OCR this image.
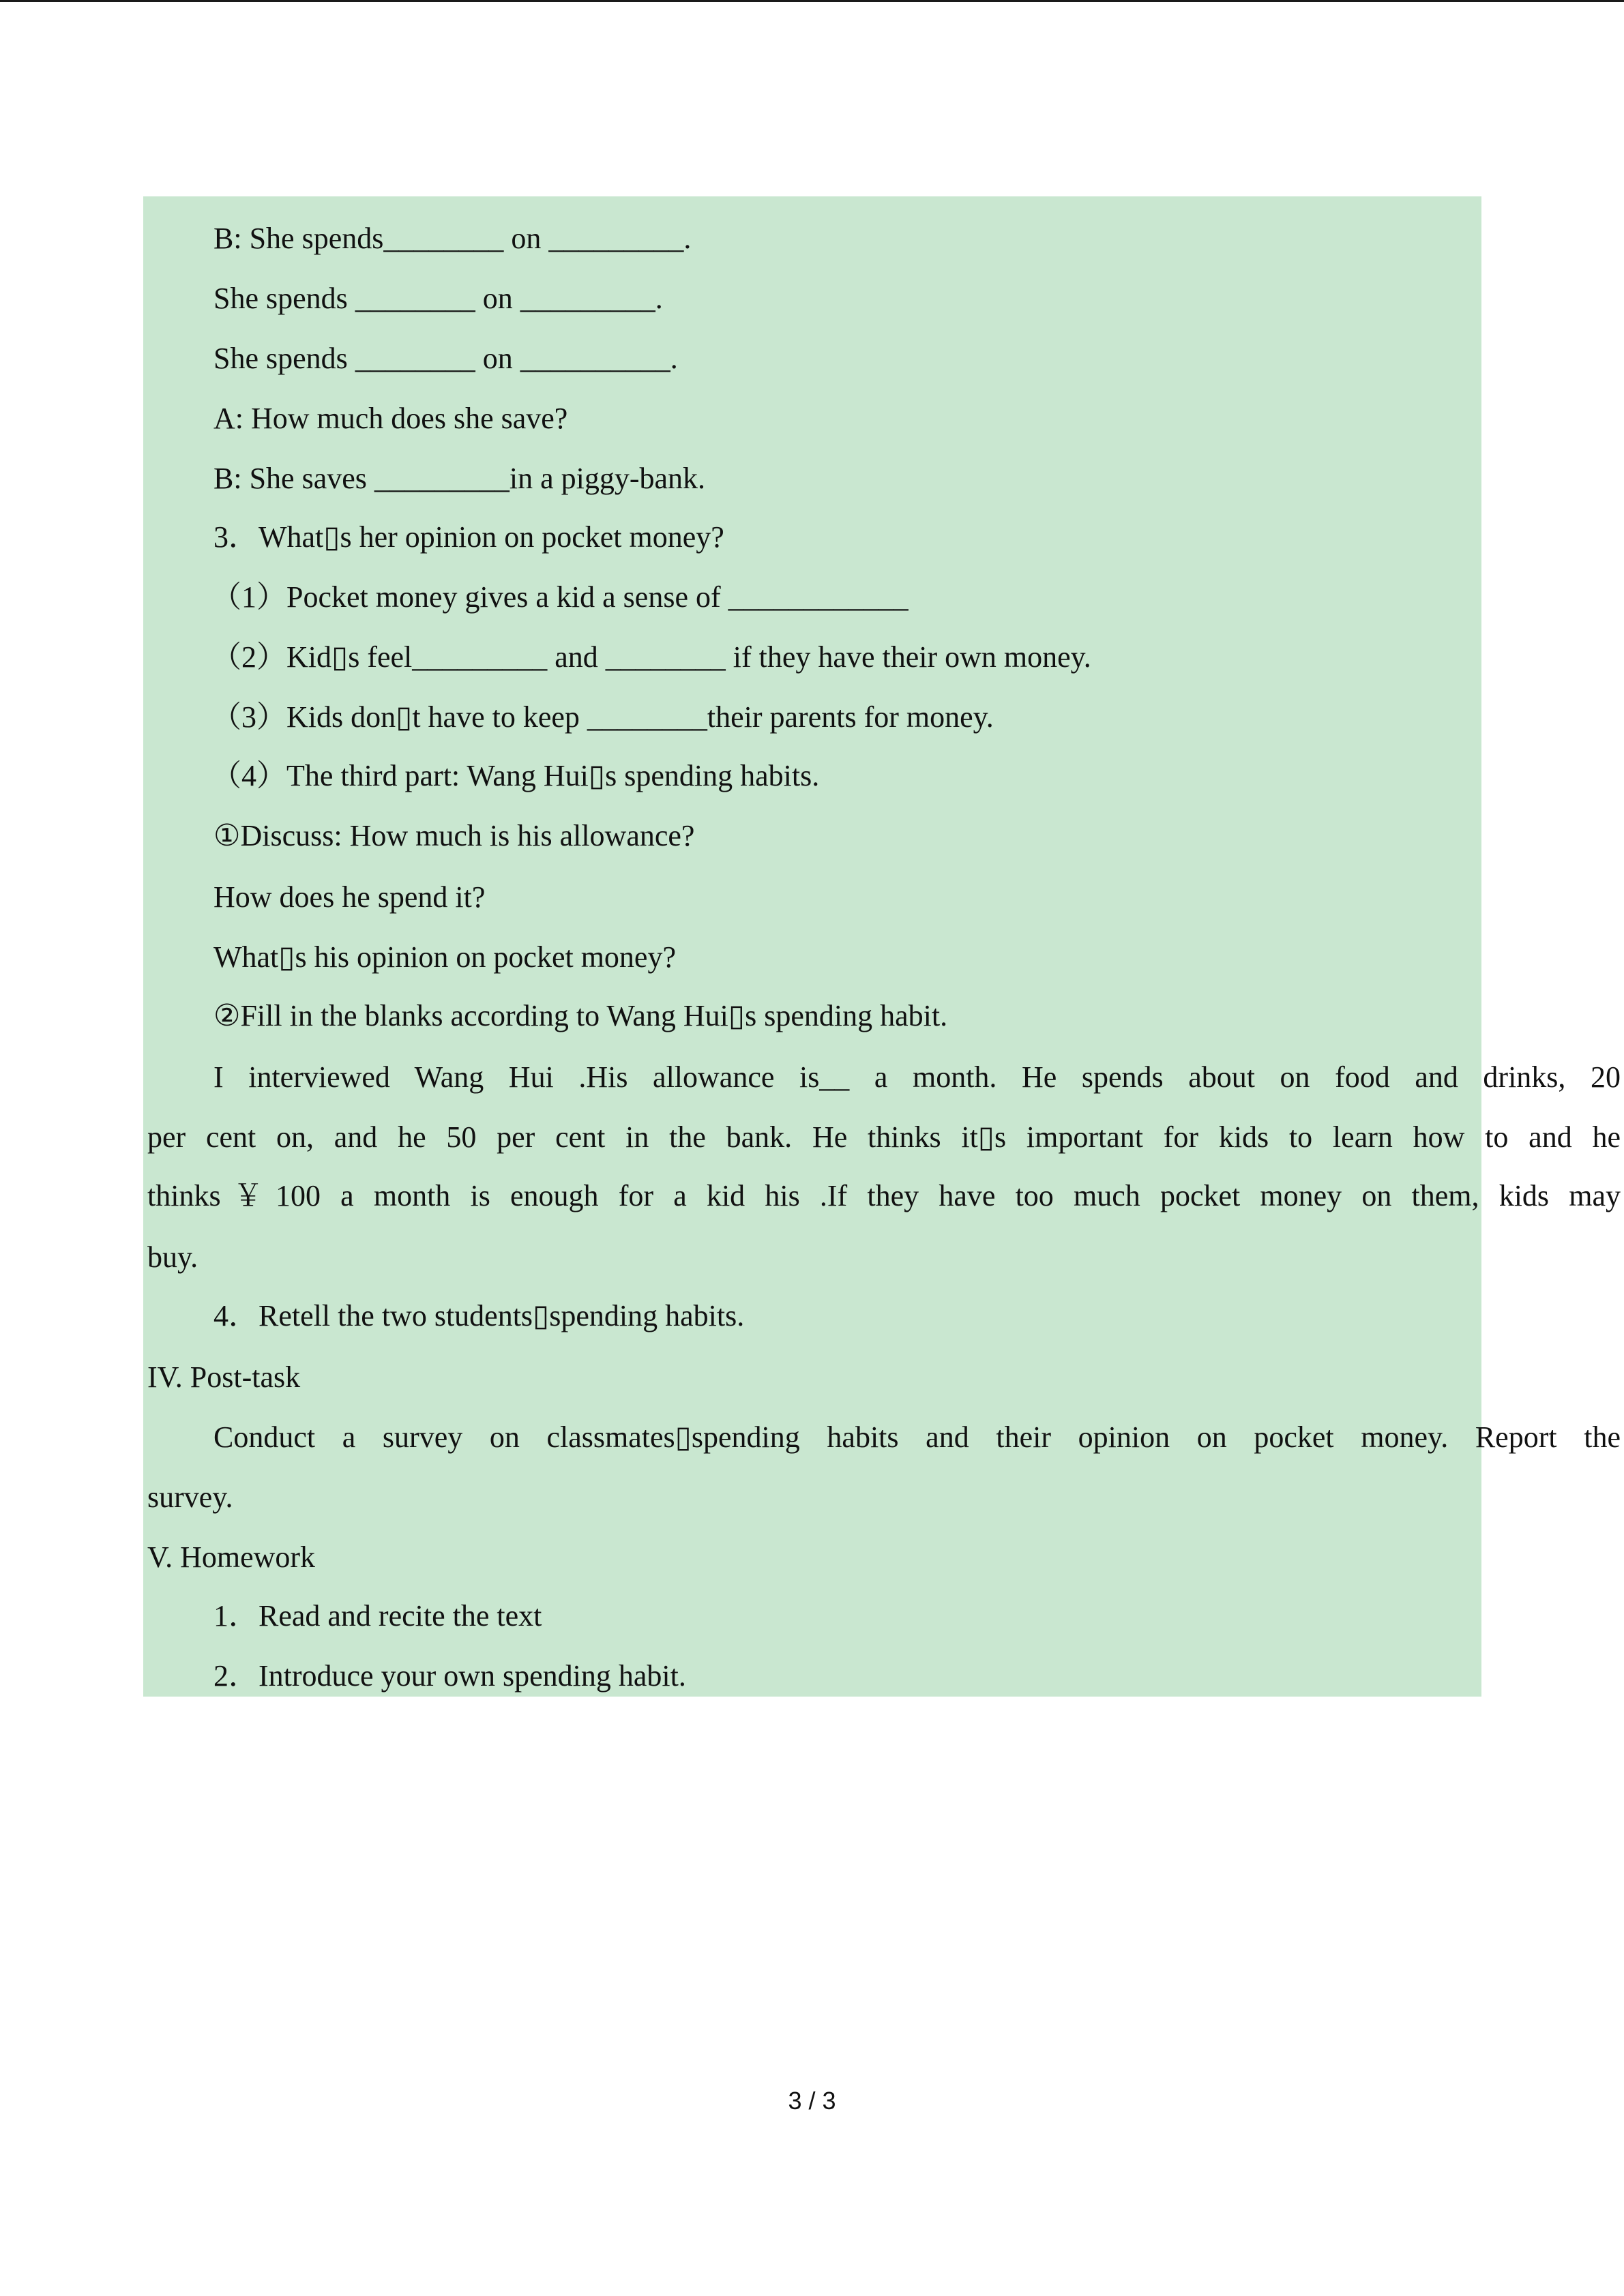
B: She spends________ on _________.
She spends ________ on _________.
She spends ________ on __________.
A: How much does she save?
B: She saves _________in a piggy-bank.
3．What▯s her opinion on pocket money?
（1）Pocket money gives a kid a sense of ____________
（2）Kid▯s feel_________ and ________ if they have their own money.
（3）Kids don▯t have to keep ________their parents for money.
（4）The third part: Wang Hui▯s spending habits.
①Discuss: How much is his allowance?
How does he spend it?
What▯s his opinion on pocket money?
②Fill in the blanks according to Wang Hui▯s spending habit.
I interviewed Wang Hui .His allowance is__ a month. He spends about on food and drinks, 20
per cent on, and he 50 per cent in the bank. He thinks it▯s important for kids to learn how to and he
thinks￥100 a month is enough for a kid his .If they have too much pocket money on them, kids may
buy.
4．Retell the two students▯spending habits.
IV. Post-task
Conduct a survey on classmates▯spending habits and their opinion on pocket money. Report the
survey.
V. Homework
1．Read and recite the text
2．Introduce your own spending habit.
3 / 3
